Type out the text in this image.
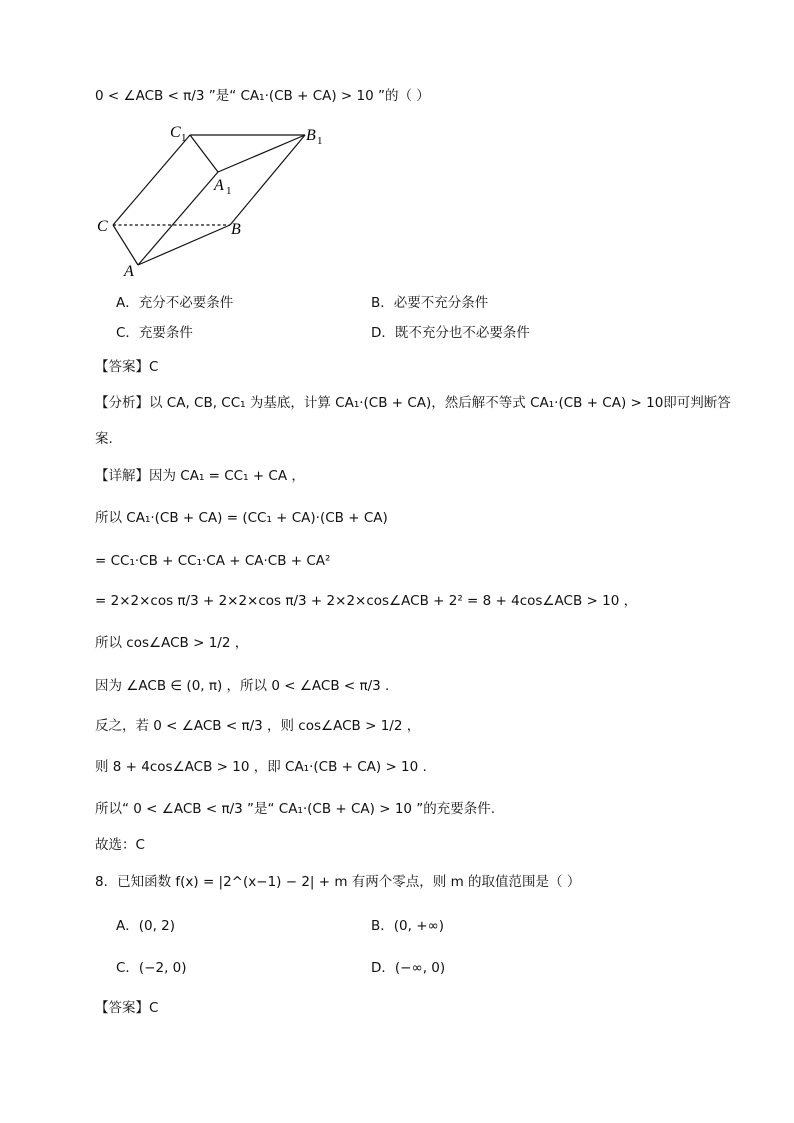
0 < ∠ACB < π/3 ”是“ CA₁·(CB + CA) > 10 ”的（ ）
C 1	B 1
A 1
C	B
A
A．充分不必要条件	B．必要不充分条件
C．充要条件	D．既不充分也不必要条件
【答案】C
【分析】以 CA, CB, CC₁ 为基底，计算 CA₁·(CB + CA)，然后解不等式 CA₁·(CB + CA) > 10即可判断答
案.
【详解】因为 CA₁ = CC₁ + CA ，
所以 CA₁·(CB + CA) = (CC₁ + CA)·(CB + CA)
= CC₁·CB + CC₁·CA + CA·CB + CA²
= 2×2×cos π/3 + 2×2×cos π/3 + 2×2×cos∠ACB + 2² = 8 + 4cos∠ACB > 10 ，
所以 cos∠ACB > 1/2 ，
因为 ∠ACB ∈ (0, π) ，所以 0 < ∠ACB < π/3 .
反之，若 0 < ∠ACB < π/3 ，则 cos∠ACB > 1/2 ，
则 8 + 4cos∠ACB > 10 ，即 CA₁·(CB + CA) > 10 .
所以“ 0 < ∠ACB < π/3 ”是“ CA₁·(CB + CA) > 10 ”的充要条件.
故选：C
8．已知函数 f(x) = |2^(x−1) − 2| + m 有两个零点，则 m 的取值范围是（ ）
A．(0, 2)	B．(0, +∞)
C．(−2, 0)	D．(−∞, 0)
【答案】C
